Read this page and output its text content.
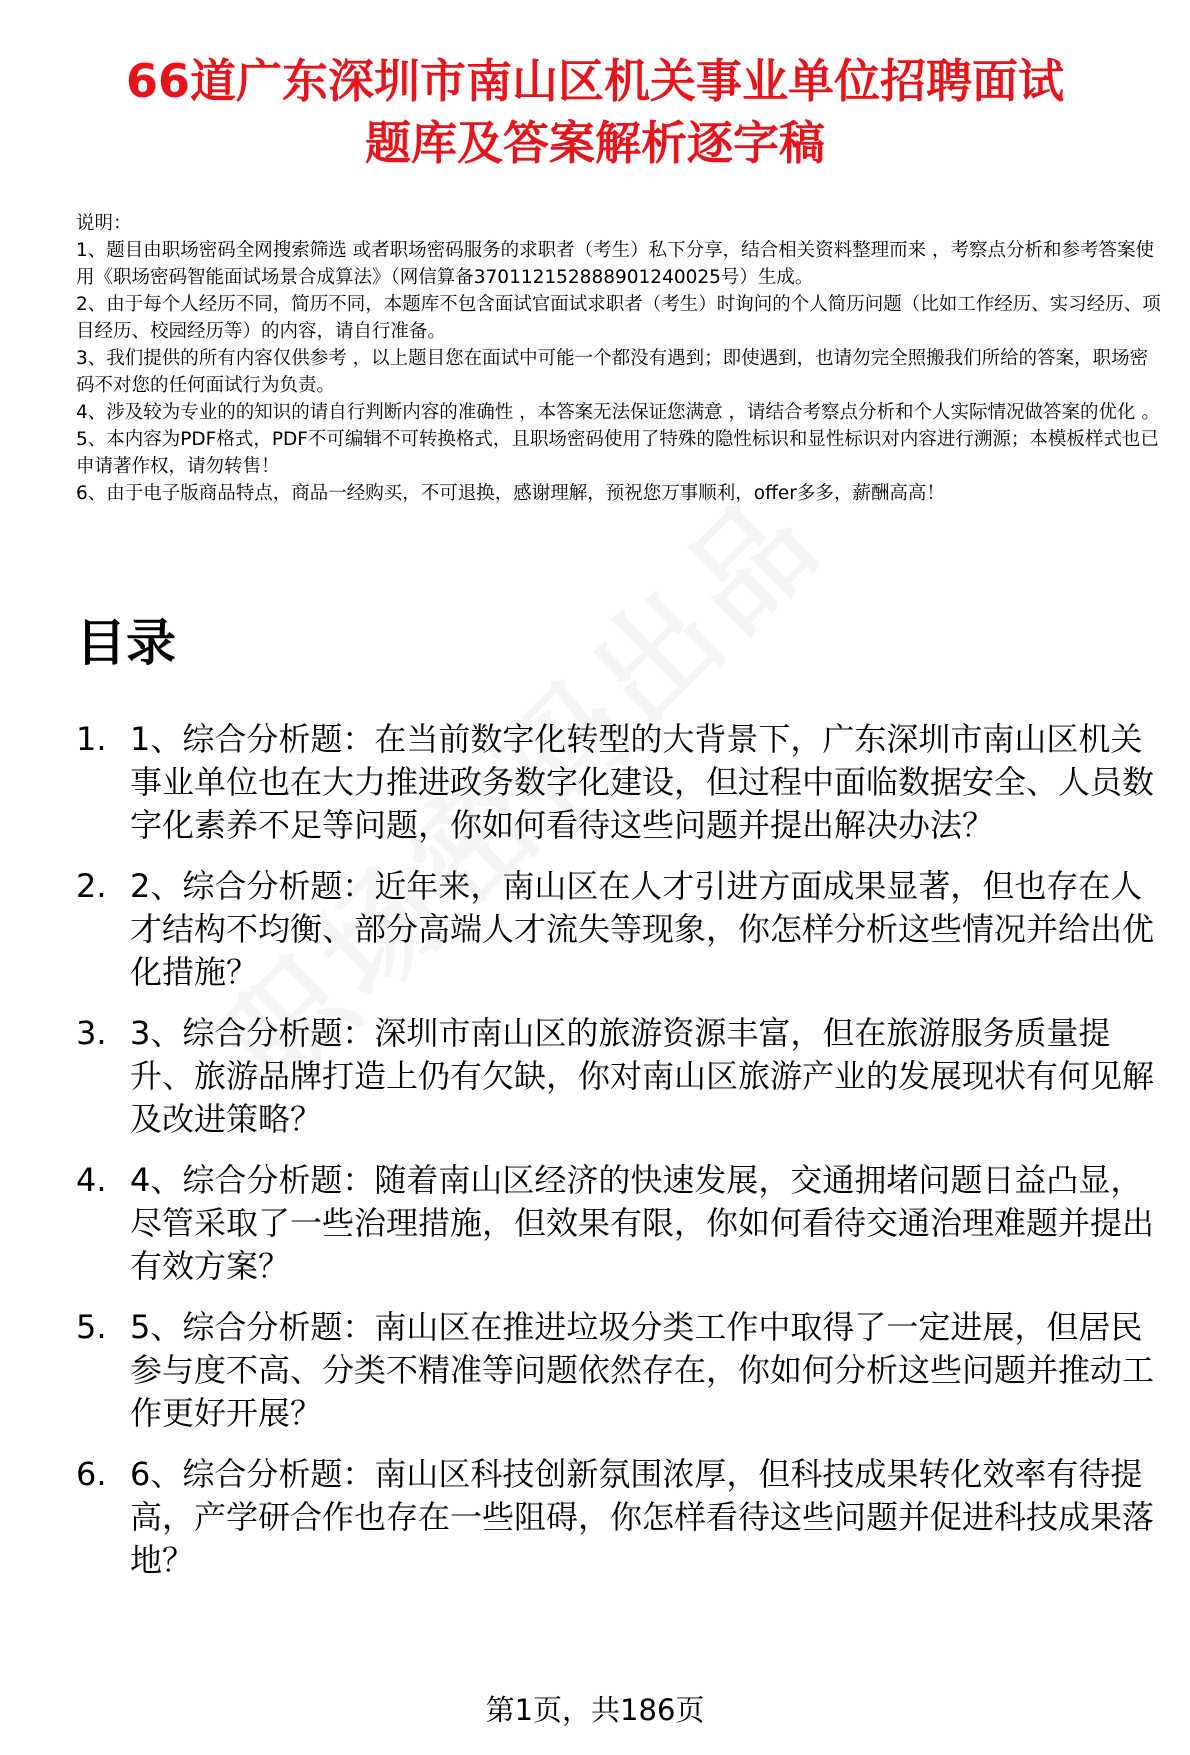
66道广东深圳市南山区机关事业单位招聘面试
题库及答案解析逐字稿
说明：
1、题目由职场密码全网搜索筛选 或者职场密码服务的求职者（考生）私下分享，结合相关资料整理而来 ，考察点分析和参考答案使用《职场密码智能面试场景合成算法》（网信算备370112152888901240025号）生成。
2、由于每个人经历不同，简历不同，本题库不包含面试官面试求职者（考生）时询问的个人简历问题（比如工作经历、实习经历、项目经历、校园经历等）的内容，请自行准备。
3、我们提供的所有内容仅供参考 ，以上题目您在面试中可能一个都没有遇到；即使遇到，也请勿完全照搬我们所给的答案，职场密码不对您的任何面试行为负责。
4、涉及较为专业的的知识的请自行判断内容的准确性 ，本答案无法保证您满意 ，请结合考察点分析和个人实际情况做答案的优化 。
5、本内容为PDF格式，PDF不可编辑不可转换格式，且职场密码使用了特殊的隐性标识和显性标识对内容进行溯源；本模板样式也已申请著作权，请勿转售！
6、由于电子版商品特点，商品一经购买，不可退换，感谢理解，预祝您万事顺利，offer多多，薪酬高高！
目录
1. 1、综合分析题：在当前数字化转型的大背景下，广东深圳市南山区机关事业单位也在大力推进政务数字化建设，但过程中面临数据安全、人员数字化素养不足等问题，你如何看待这些问题并提出解决办法？
2. 2、综合分析题：近年来，南山区在人才引进方面成果显著，但也存在人才结构不均衡、部分高端人才流失等现象，你怎样分析这些情况并给出优化措施？
3. 3、综合分析题：深圳市南山区的旅游资源丰富，但在旅游服务质量提升、旅游品牌打造上仍有欠缺，你对南山区旅游产业的发展现状有何见解及改进策略？
4. 4、综合分析题：随着南山区经济的快速发展，交通拥堵问题日益凸显，尽管采取了一些治理措施，但效果有限，你如何看待交通治理难题并提出有效方案？
5. 5、综合分析题：南山区在推进垃圾分类工作中取得了一定进展，但居民参与度不高、分类不精准等问题依然存在，你如何分析这些问题并推动工作更好开展？
6. 6、综合分析题：南山区科技创新氛围浓厚，但科技成果转化效率有待提高，产学研合作也存在一些阻碍，你怎样看待这些问题并促进科技成果落地？
第1页，共186页
